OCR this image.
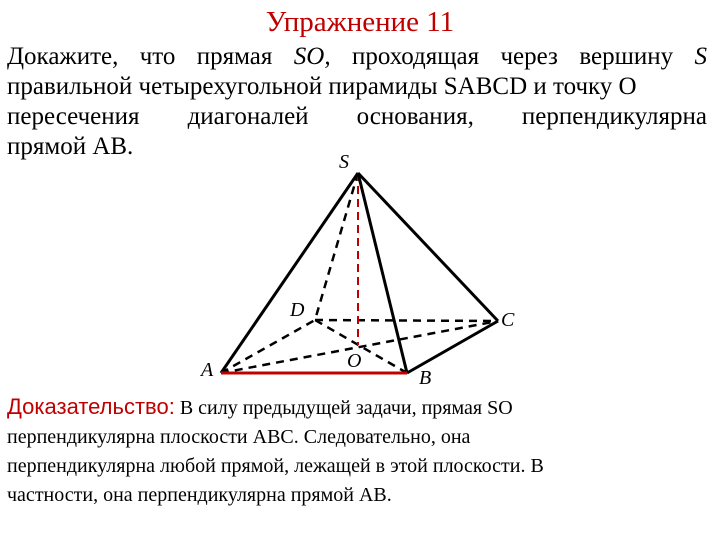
Упражнение 11
Докажите, что прямая SO, проходящая через вершину S
правильной четырехугольной пирамиды SABCD и точку O
пересечения диагоналей основания, перпендикулярна
прямой AB.
S
D	C
O
A	B
Доказательство: В силу предыдущей задачи, прямая SO
перпендикулярна плоскости ABC. Следовательно, она
перпендикулярна любой прямой, лежащей в этой плоскости. В
частности, она перпендикулярна прямой AB.
